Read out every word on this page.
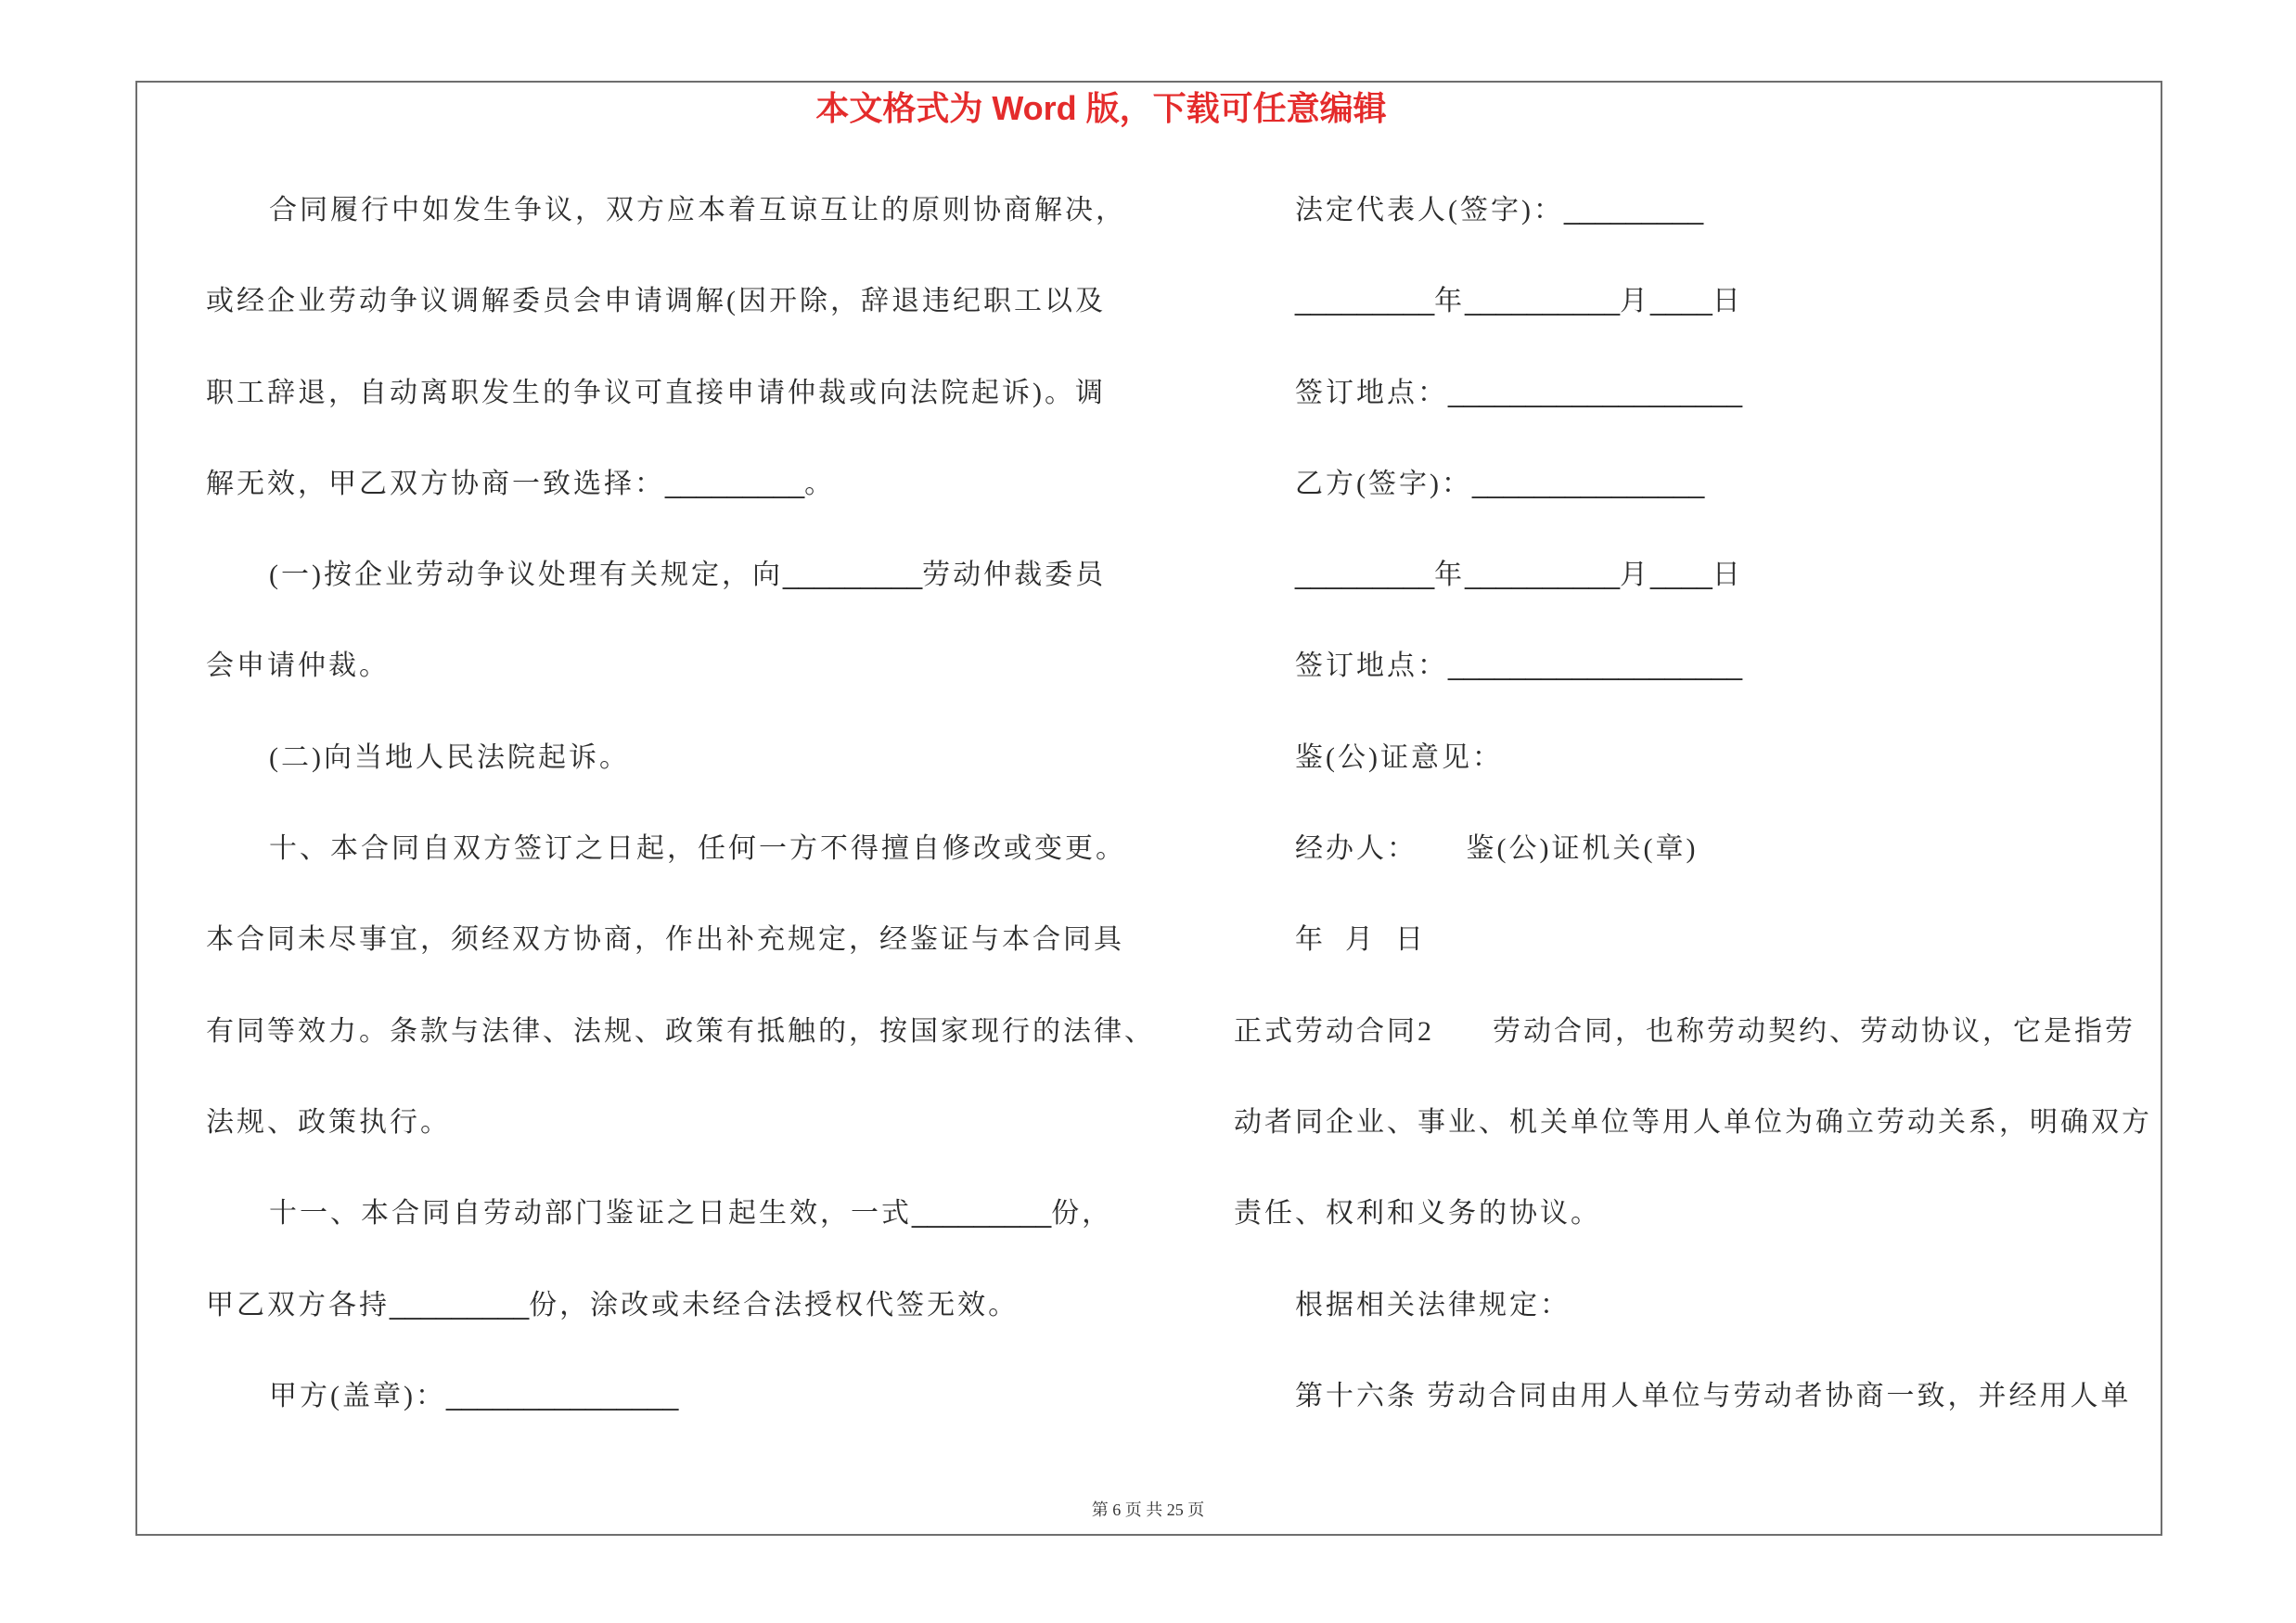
本文格式为 Word 版，下载可任意编辑
合同履行中如发生争议，双方应本着互谅互让的原则协商解决，
或经企业劳动争议调解委员会申请调解(因开除，辞退违纪职工以及
职工辞退，自动离职发生的争议可直接申请仲裁或向法院起诉)。调
解无效，甲乙双方协商一致选择：_________。
(一)按企业劳动争议处理有关规定，向_________劳动仲裁委员
会申请仲裁。
(二)向当地人民法院起诉。
十、本合同自双方签订之日起，任何一方不得擅自修改或变更。
本合同未尽事宜，须经双方协商，作出补充规定，经鉴证与本合同具
有同等效力。条款与法律、法规、政策有抵触的，按国家现行的法律、
法规、政策执行。
十一、本合同自劳动部门鉴证之日起生效，一式_________份，
甲乙双方各持_________份，涂改或未经合法授权代签无效。
甲方(盖章)：_______________
法定代表人(签字)：_________
_________年__________月____日
签订地点：___________________
乙方(签字)：_______________
_________年__________月____日
签订地点：___________________
鉴(公)证意见：
经办人：     鉴(公)证机关(章)
年  月  日
正式劳动合同2      劳动合同，也称劳动契约、劳动协议，它是指劳
动者同企业、事业、机关单位等用人单位为确立劳动关系，明确双方
责任、权利和义务的协议。
根据相关法律规定：
第十六条 劳动合同由用人单位与劳动者协商一致，并经用人单
第 6 页 共 25 页
